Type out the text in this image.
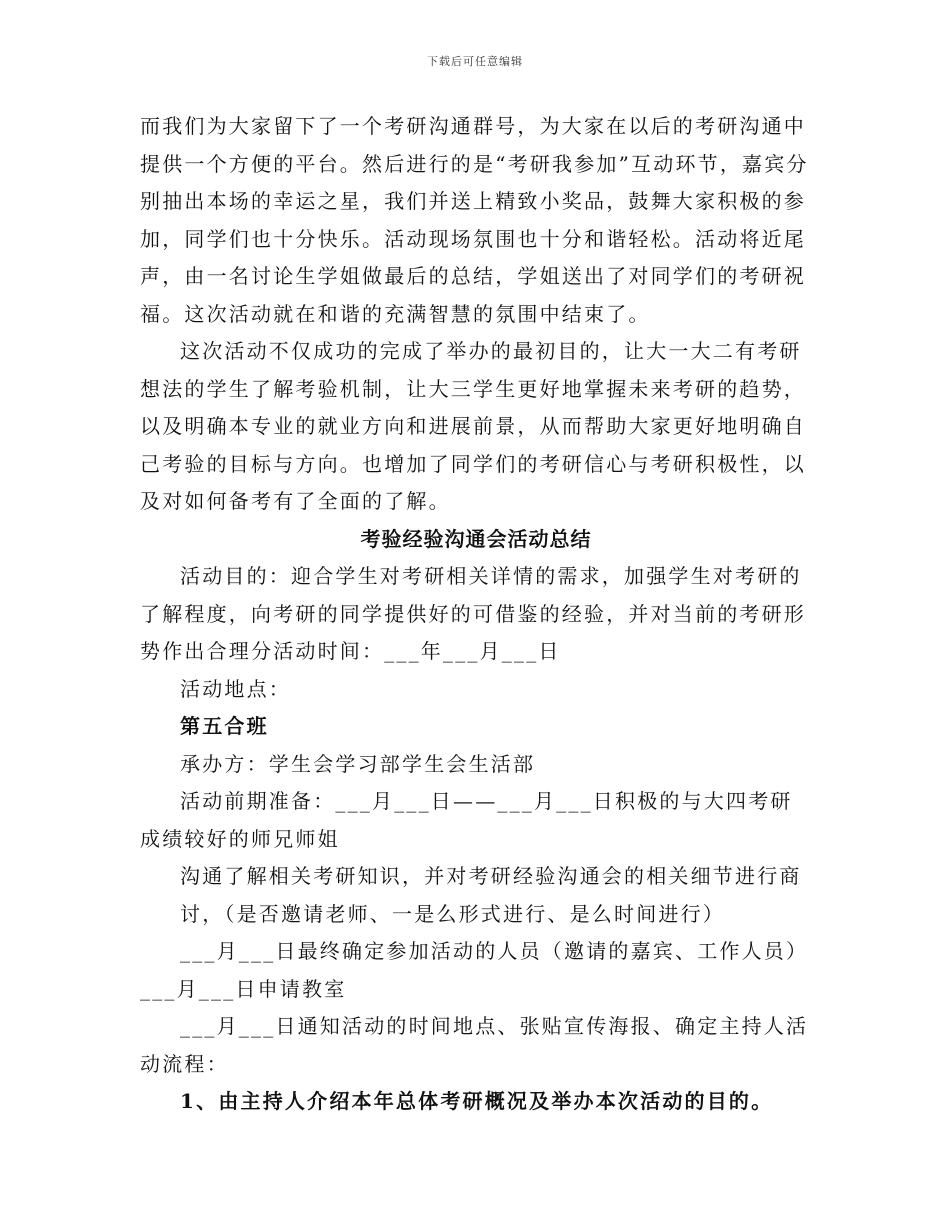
下载后可任意编辑

而我们为大家留下了一个考研沟通群号，为大家在以后的考研沟通中提供一个方便的平台。然后进行的是“考研我参加”互动环节，嘉宾分别抽出本场的幸运之星，我们并送上精致小奖品，鼓舞大家积极的参加，同学们也十分快乐。活动现场氛围也十分和谐轻松。活动将近尾声，由一名讨论生学姐做最后的总结，学姐送出了对同学们的考研祝福。这次活动就在和谐的充满智慧的氛围中结束了。

这次活动不仅成功的完成了举办的最初目的，让大一大二有考研想法的学生了解考验机制，让大三学生更好地掌握未来考研的趋势，以及明确本专业的就业方向和进展前景，从而帮助大家更好地明确自己考验的目标与方向。也增加了同学们的考研信心与考研积极性，以及对如何备考有了全面的了解。

考验经验沟通会活动总结

活动目的：迎合学生对考研相关详情的需求，加强学生对考研的了解程度，向考研的同学提供好的可借鉴的经验，并对当前的考研形势作出合理分活动时间：___年___月___日

活动地点：

第五合班

承办方：学生会学习部学生会生活部

活动前期准备：___月___日——___月___日积极的与大四考研成绩较好的师兄师姐

沟通了解相关考研知识，并对考研经验沟通会的相关细节进行商讨，（是否邀请老师、一是么形式进行、是么时间进行）

___月___日最终确定参加活动的人员（邀请的嘉宾、工作人员）___月___日申请教室

___月___日通知活动的时间地点、张贴宣传海报、确定主持人活动流程：

1、由主持人介绍本年总体考研概况及举办本次活动的目的。
